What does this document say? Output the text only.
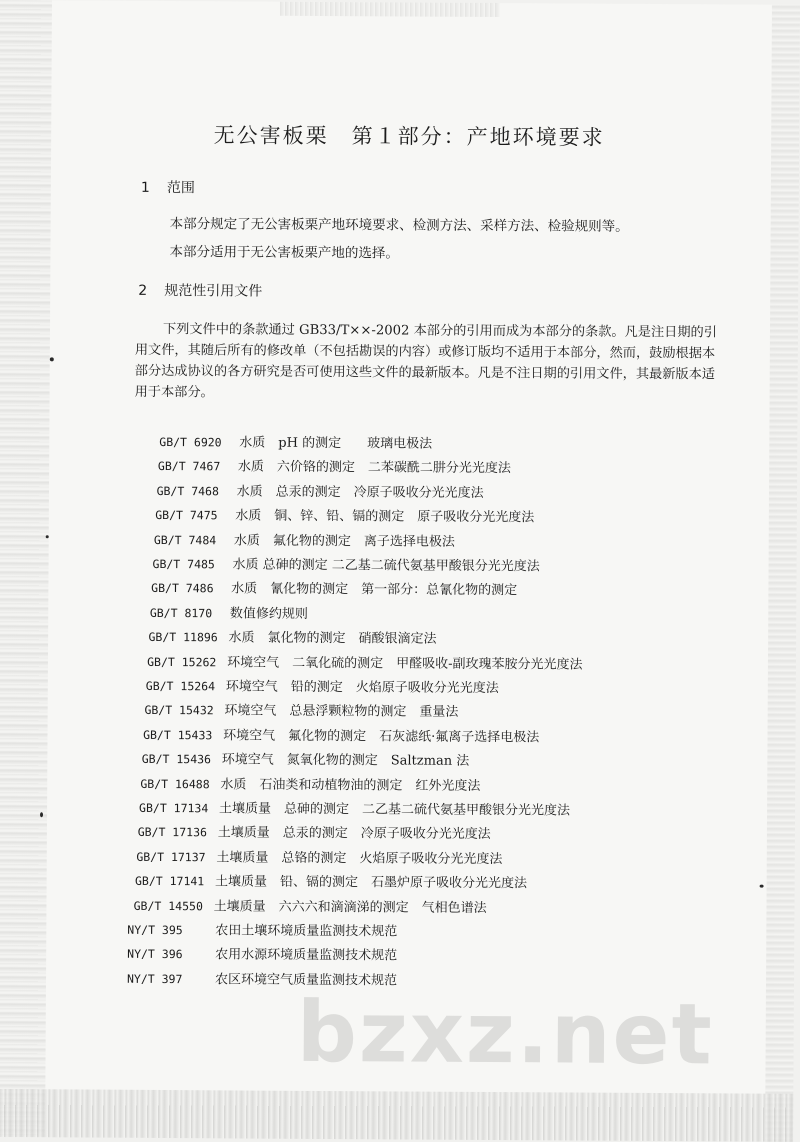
无公害板栗　第１部分：产地环境要求
1 范围
本部分规定了无公害板栗产地环境要求、检测方法、采样方法、检验规则等。
本部分适用于无公害板栗产地的选择。
2 规范性引用文件
下列文件中的条款通过 GB33/T××-2002 本部分的引用而成为本部分的条款。凡是注日期的引用文件，其随后所有的修改单（不包括勘误的内容）或修订版均不适用于本部分，然而，鼓励根据本部分达成协议的各方研究是否可使用这些文件的最新版本。凡是不注日期的引用文件，其最新版本适用于本部分。
GB/T 6920 水质　pH 的测定　　玻璃电极法
GB/T 7467 水质　六价铬的测定　二苯碳酰二肼分光光度法
GB/T 7468 水质　总汞的测定　冷原子吸收分光光度法
GB/T 7475 水质　铜、锌、铅、镉的测定　原子吸收分光光度法
GB/T 7484 水质　氟化物的测定　离子选择电极法
GB/T 7485 水质 总砷的测定 二乙基二硫代氨基甲酸银分光光度法
GB/T 7486 水质　氰化物的测定　第一部分：总氰化物的测定
GB/T 8170 数值修约规则
GB/T 11896 水质　氯化物的测定　硝酸银滴定法
GB/T 15262 环境空气　二氧化硫的测定　甲醛吸收-副玫瑰苯胺分光光度法
GB/T 15264 环境空气　铅的测定　火焰原子吸收分光光度法
GB/T 15432 环境空气　总悬浮颗粒物的测定　重量法
GB/T 15433 环境空气　氟化物的测定　石灰滤纸·氟离子选择电极法
GB/T 15436 环境空气　氮氧化物的测定　Saltzman 法
GB/T 16488 水质　石油类和动植物油的测定　红外光度法
GB/T 17134 土壤质量　总砷的测定　二乙基二硫代氨基甲酸银分光光度法
GB/T 17136 土壤质量　总汞的测定　冷原子吸收分光光度法
GB/T 17137 土壤质量　总铬的测定　火焰原子吸收分光光度法
GB/T 17141 土壤质量　铅、镉的测定　石墨炉原子吸收分光光度法
GB/T 14550 土壤质量　六六六和滴滴涕的测定　气相色谱法
NY/T 395	农田土壤环境质量监测技术规范
NY/T 396	农用水源环境质量监测技术规范
NY/T 397	农区环境空气质量监测技术规范
bzxz.net
